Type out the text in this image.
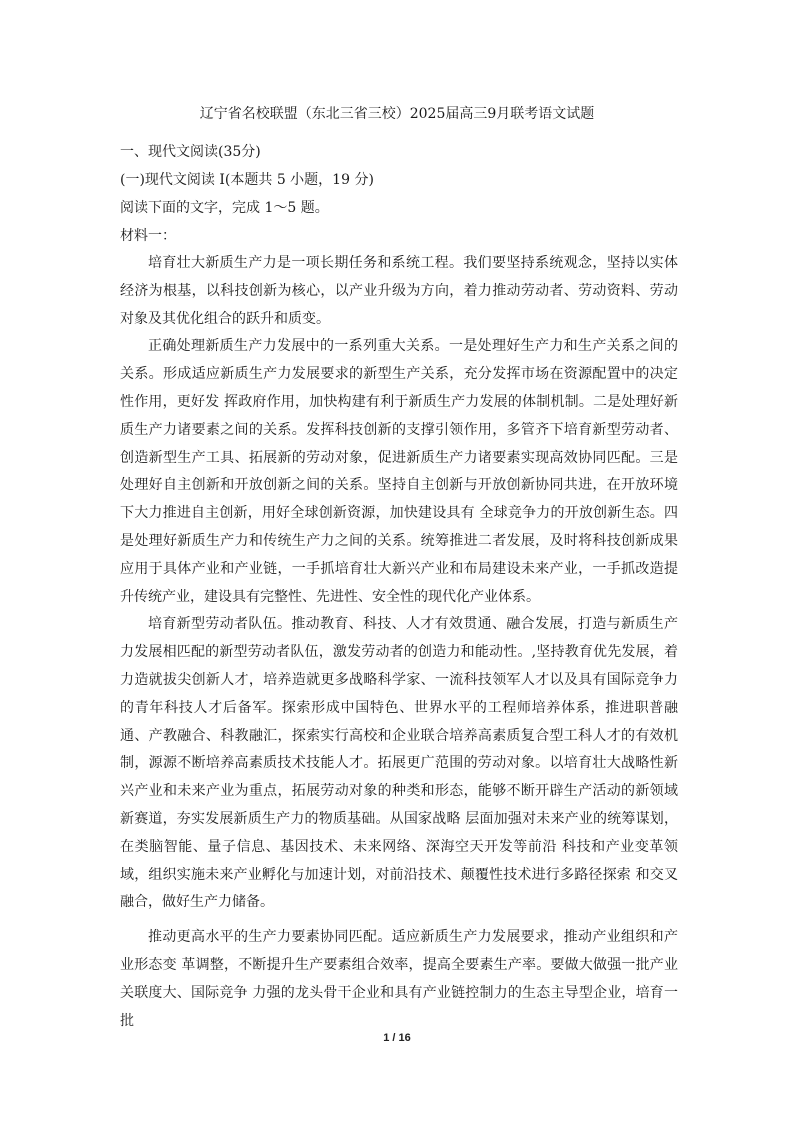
辽宁省名校联盟（东北三省三校）2025届高三9月联考语文试题

一、现代文阅读(35分)

(一)现代文阅读 I(本题共 5 小题，19 分)

阅读下面的文字，完成 1～5 题。

材料一：

培育壮大新质生产力是一项长期任务和系统工程。我们要坚持系统观念，坚持以实体经济为根基，以科技创新为核心，以产业升级为方向，着力推动劳动者、劳动资料、劳动对象及其优化组合的跃升和质变。

正确处理新质生产力发展中的一系列重大关系。一是处理好生产力和生产关系之间的关系。形成适应新质生产力发展要求的新型生产关系，充分发挥市场在资源配置中的决定性作用，更好发 挥政府作用，加快构建有利于新质生产力发展的体制机制。二是处理好新质生产力诸要素之间的关系。发挥科技创新的支撑引领作用，多管齐下培育新型劳动者、创造新型生产工具、拓展新的劳动对象，促进新质生产力诸要素实现高效协同匹配。三是处理好自主创新和开放创新之间的关系。坚持自主创新与开放创新协同共进，在开放环境下大力推进自主创新，用好全球创新资源，加快建设具有 全球竞争力的开放创新生态。四是处理好新质生产力和传统生产力之间的关系。统筹推进二者发展，及时将科技创新成果应用于具体产业和产业链，一手抓培育壮大新兴产业和布局建设未来产业，一手抓改造提升传统产业，建设具有完整性、先进性、安全性的现代化产业体系。

培育新型劳动者队伍。推动教育、科技、人才有效贯通、融合发展，打造与新质生产力发展相匹配的新型劳动者队伍，激发劳动者的创造力和能动性。,坚持教育优先发展，着力造就拔尖创新人才，培养造就更多战略科学家、一流科技领军人才以及具有国际竞争力的青年科技人才后备军。探索形成中国特色、世界水平的工程师培养体系，推进职普融通、产教融合、科教融汇，探索实行高校和企业联合培养高素质复合型工科人才的有效机制，源源不断培养高素质技术技能人才。拓展更广范围的劳动对象。以培育壮大战略性新兴产业和未来产业为重点，拓展劳动对象的种类和形态，能够不断开辟生产活动的新领域新赛道，夯实发展新质生产力的物质基础。从国家战略 层面加强对未来产业的统筹谋划，在类脑智能、量子信息、基因技术、未来网络、深海空天开发等前沿 科技和产业变革领域，组织实施未来产业孵化与加速计划，对前沿技术、颠覆性技术进行多路径探索 和交叉融合，做好生产力储备。

推动更高水平的生产力要素协同匹配。适应新质生产力发展要求，推动产业组织和产业形态变 革调整，不断提升生产要素组合效率，提高全要素生产率。要做大做强一批产业关联度大、国际竞争 力强的龙头骨干企业和具有产业链控制力的生态主导型企业，培育一批

1 / 16
